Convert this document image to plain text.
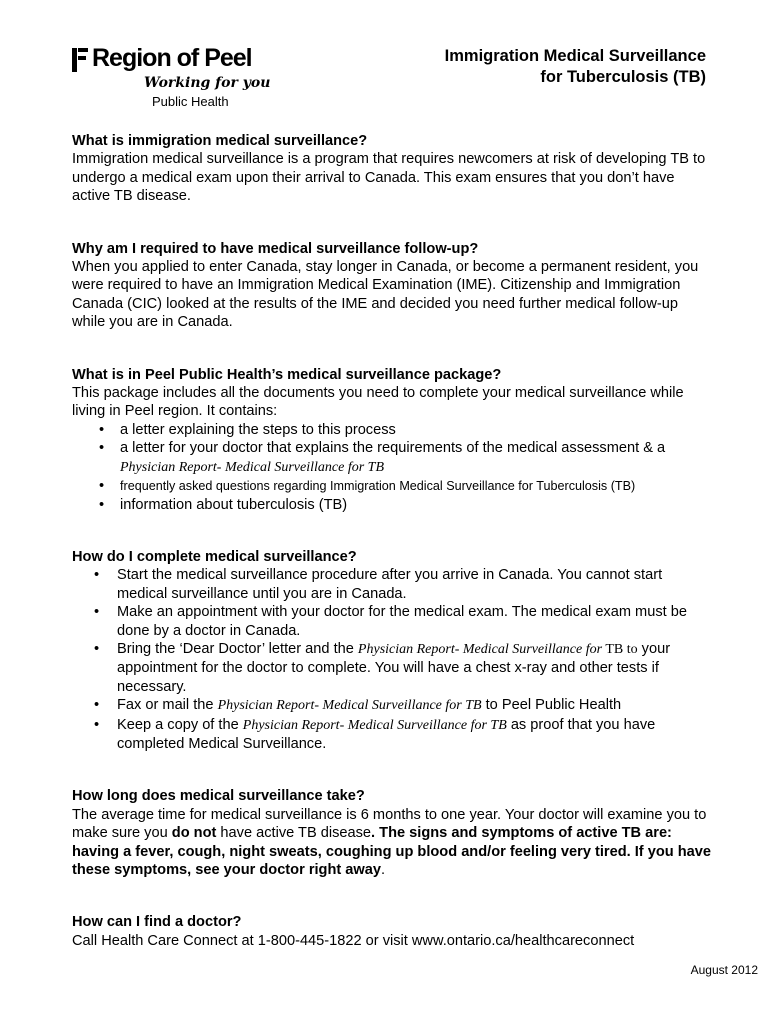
Region of Peel
Working for you
Public Health
Immigration Medical Surveillance
for Tuberculosis (TB)

What is immigration medical surveillance?

Immigration medical surveillance is a program that requires newcomers at risk of developing TB to undergo a medical exam upon their arrival to Canada. This exam ensures that you don’t have active TB disease.

Why am I required to have medical surveillance follow-up?

When you applied to enter Canada, stay longer in Canada, or become a permanent resident, you were required to have an Immigration Medical Examination (IME). Citizenship and Immigration Canada (CIC) looked at the results of the IME and decided you need further medical follow-up while you are in Canada.

What is in Peel Public Health’s medical surveillance package?

This package includes all the documents you need to complete your medical surveillance while living in Peel region. It contains:

• a letter explaining the steps to this process
• a letter for your doctor that explains the requirements of the medical assessment & a
Physician Report- Medical Surveillance for TB
• frequently asked questions regarding Immigration Medical Surveillance for Tuberculosis (TB)
• information about tuberculosis (TB)

How do I complete medical surveillance?

• Start the medical surveillance procedure after you arrive in Canada. You cannot start medical surveillance until you are in Canada.
• Make an appointment with your doctor for the medical exam. The medical exam must be done by a doctor in Canada.
• Bring the ‘Dear Doctor’ letter and the Physician Report- Medical Surveillance for TB to your appointment for the doctor to complete. You will have a chest x-ray and other tests if necessary.
• Fax or mail the Physician Report- Medical Surveillance for TB to Peel Public Health
• Keep a copy of the Physician Report- Medical Surveillance for TB as proof that you have completed Medical Surveillance.

How long does medical surveillance take?

The average time for medical surveillance is 6 months to one year. Your doctor will examine you to make sure you do not have active TB disease. The signs and symptoms of active TB are: having a fever, cough, night sweats, coughing up blood and/or feeling very tired. If you have these symptoms, see your doctor right away.

How can I find a doctor?

Call Health Care Connect at 1-800-445-1822 or visit www.ontario.ca/healthcareconnect

August 2012
